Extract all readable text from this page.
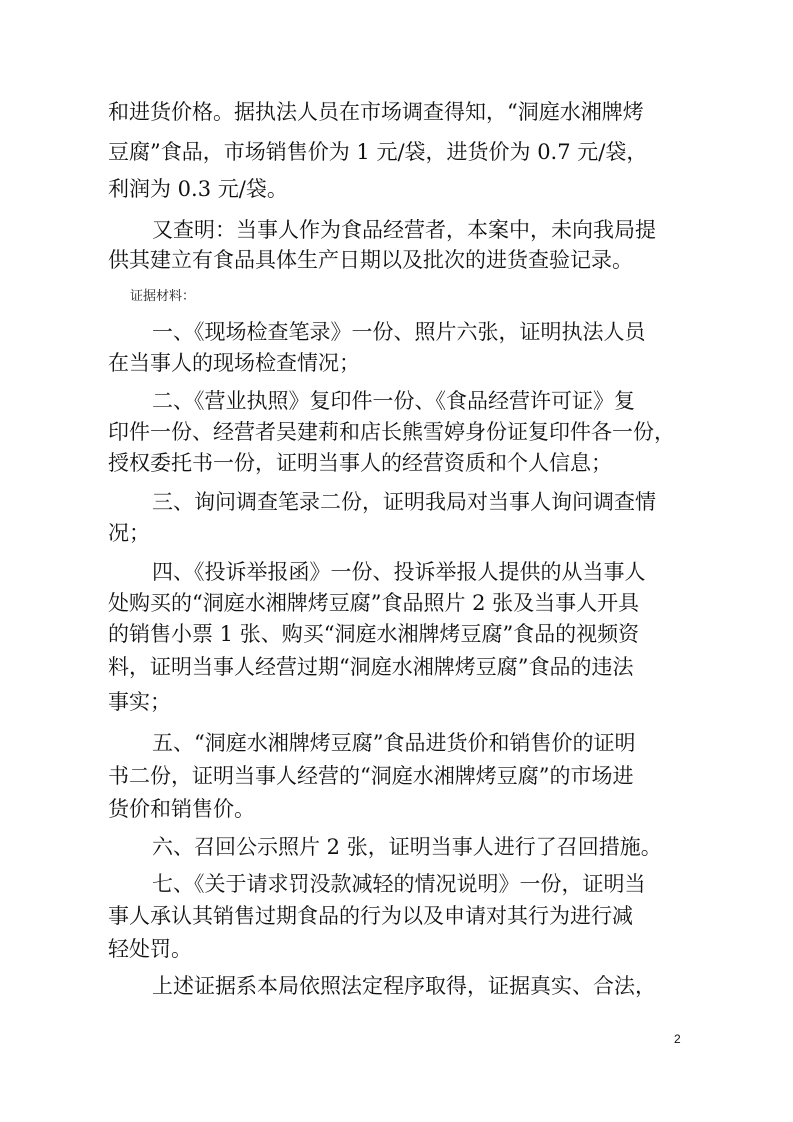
和进货价格。据执法人员在市场调查得知，“洞庭水湘牌烤
豆腐”食品，市场销售价为 1 元/袋，进货价为 0.7 元/袋，
利润为 0.3 元/袋。
又查明：当事人作为食品经营者，本案中，未向我局提
供其建立有食品具体生产日期以及批次的进货查验记录。
证据材料：
一、《现场检查笔录》一份、照片六张，证明执法人员
在当事人的现场检查情况；
二、《营业执照》复印件一份、《食品经营许可证》复
印件一份、经营者吴建莉和店长熊雪婷身份证复印件各一份，
授权委托书一份，证明当事人的经营资质和个人信息；
三、询问调查笔录二份，证明我局对当事人询问调查情
况；
四、《投诉举报函》一份、投诉举报人提供的从当事人
处购买的“洞庭水湘牌烤豆腐”食品照片 2 张及当事人开具
的销售小票 1 张、购买“洞庭水湘牌烤豆腐”食品的视频资
料，证明当事人经营过期“洞庭水湘牌烤豆腐”食品的违法
事实；
五、“洞庭水湘牌烤豆腐”食品进货价和销售价的证明
书二份，证明当事人经营的“洞庭水湘牌烤豆腐”的市场进
货价和销售价。
六、召回公示照片 2 张，证明当事人进行了召回措施。
七、《关于请求罚没款减轻的情况说明》一份，证明当
事人承认其销售过期食品的行为以及申请对其行为进行减
轻处罚。
上述证据系本局依照法定程序取得，证据真实、合法，
2
